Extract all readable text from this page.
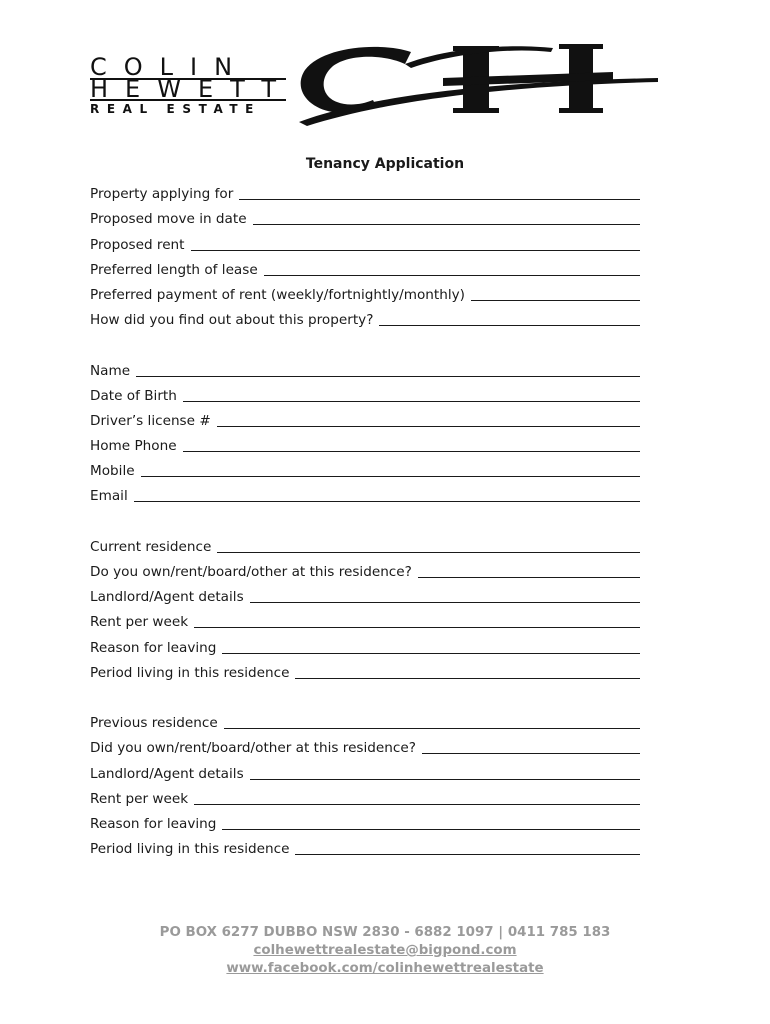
COLIN
HEWETT
REAL ESTATE
Tenancy Application
Property applying for
Proposed move in date
Proposed rent
Preferred length of lease
Preferred payment of rent (weekly/fortnightly/monthly)
How did you find out about this property?
Name
Date of Birth
Driver’s license #
Home Phone
Mobile
Email
Current residence
Do you own/rent/board/other at this residence?
Landlord/Agent details
Rent per week
Reason for leaving
Period living in this residence
Previous residence
Did you own/rent/board/other at this residence?
Landlord/Agent details
Rent per week
Reason for leaving
Period living in this residence
PO BOX 6277 DUBBO NSW 2830 - 6882 1097 | 0411 785 183
colhewettrealestate@bigpond.com
www.facebook.com/colinhewettrealestate
